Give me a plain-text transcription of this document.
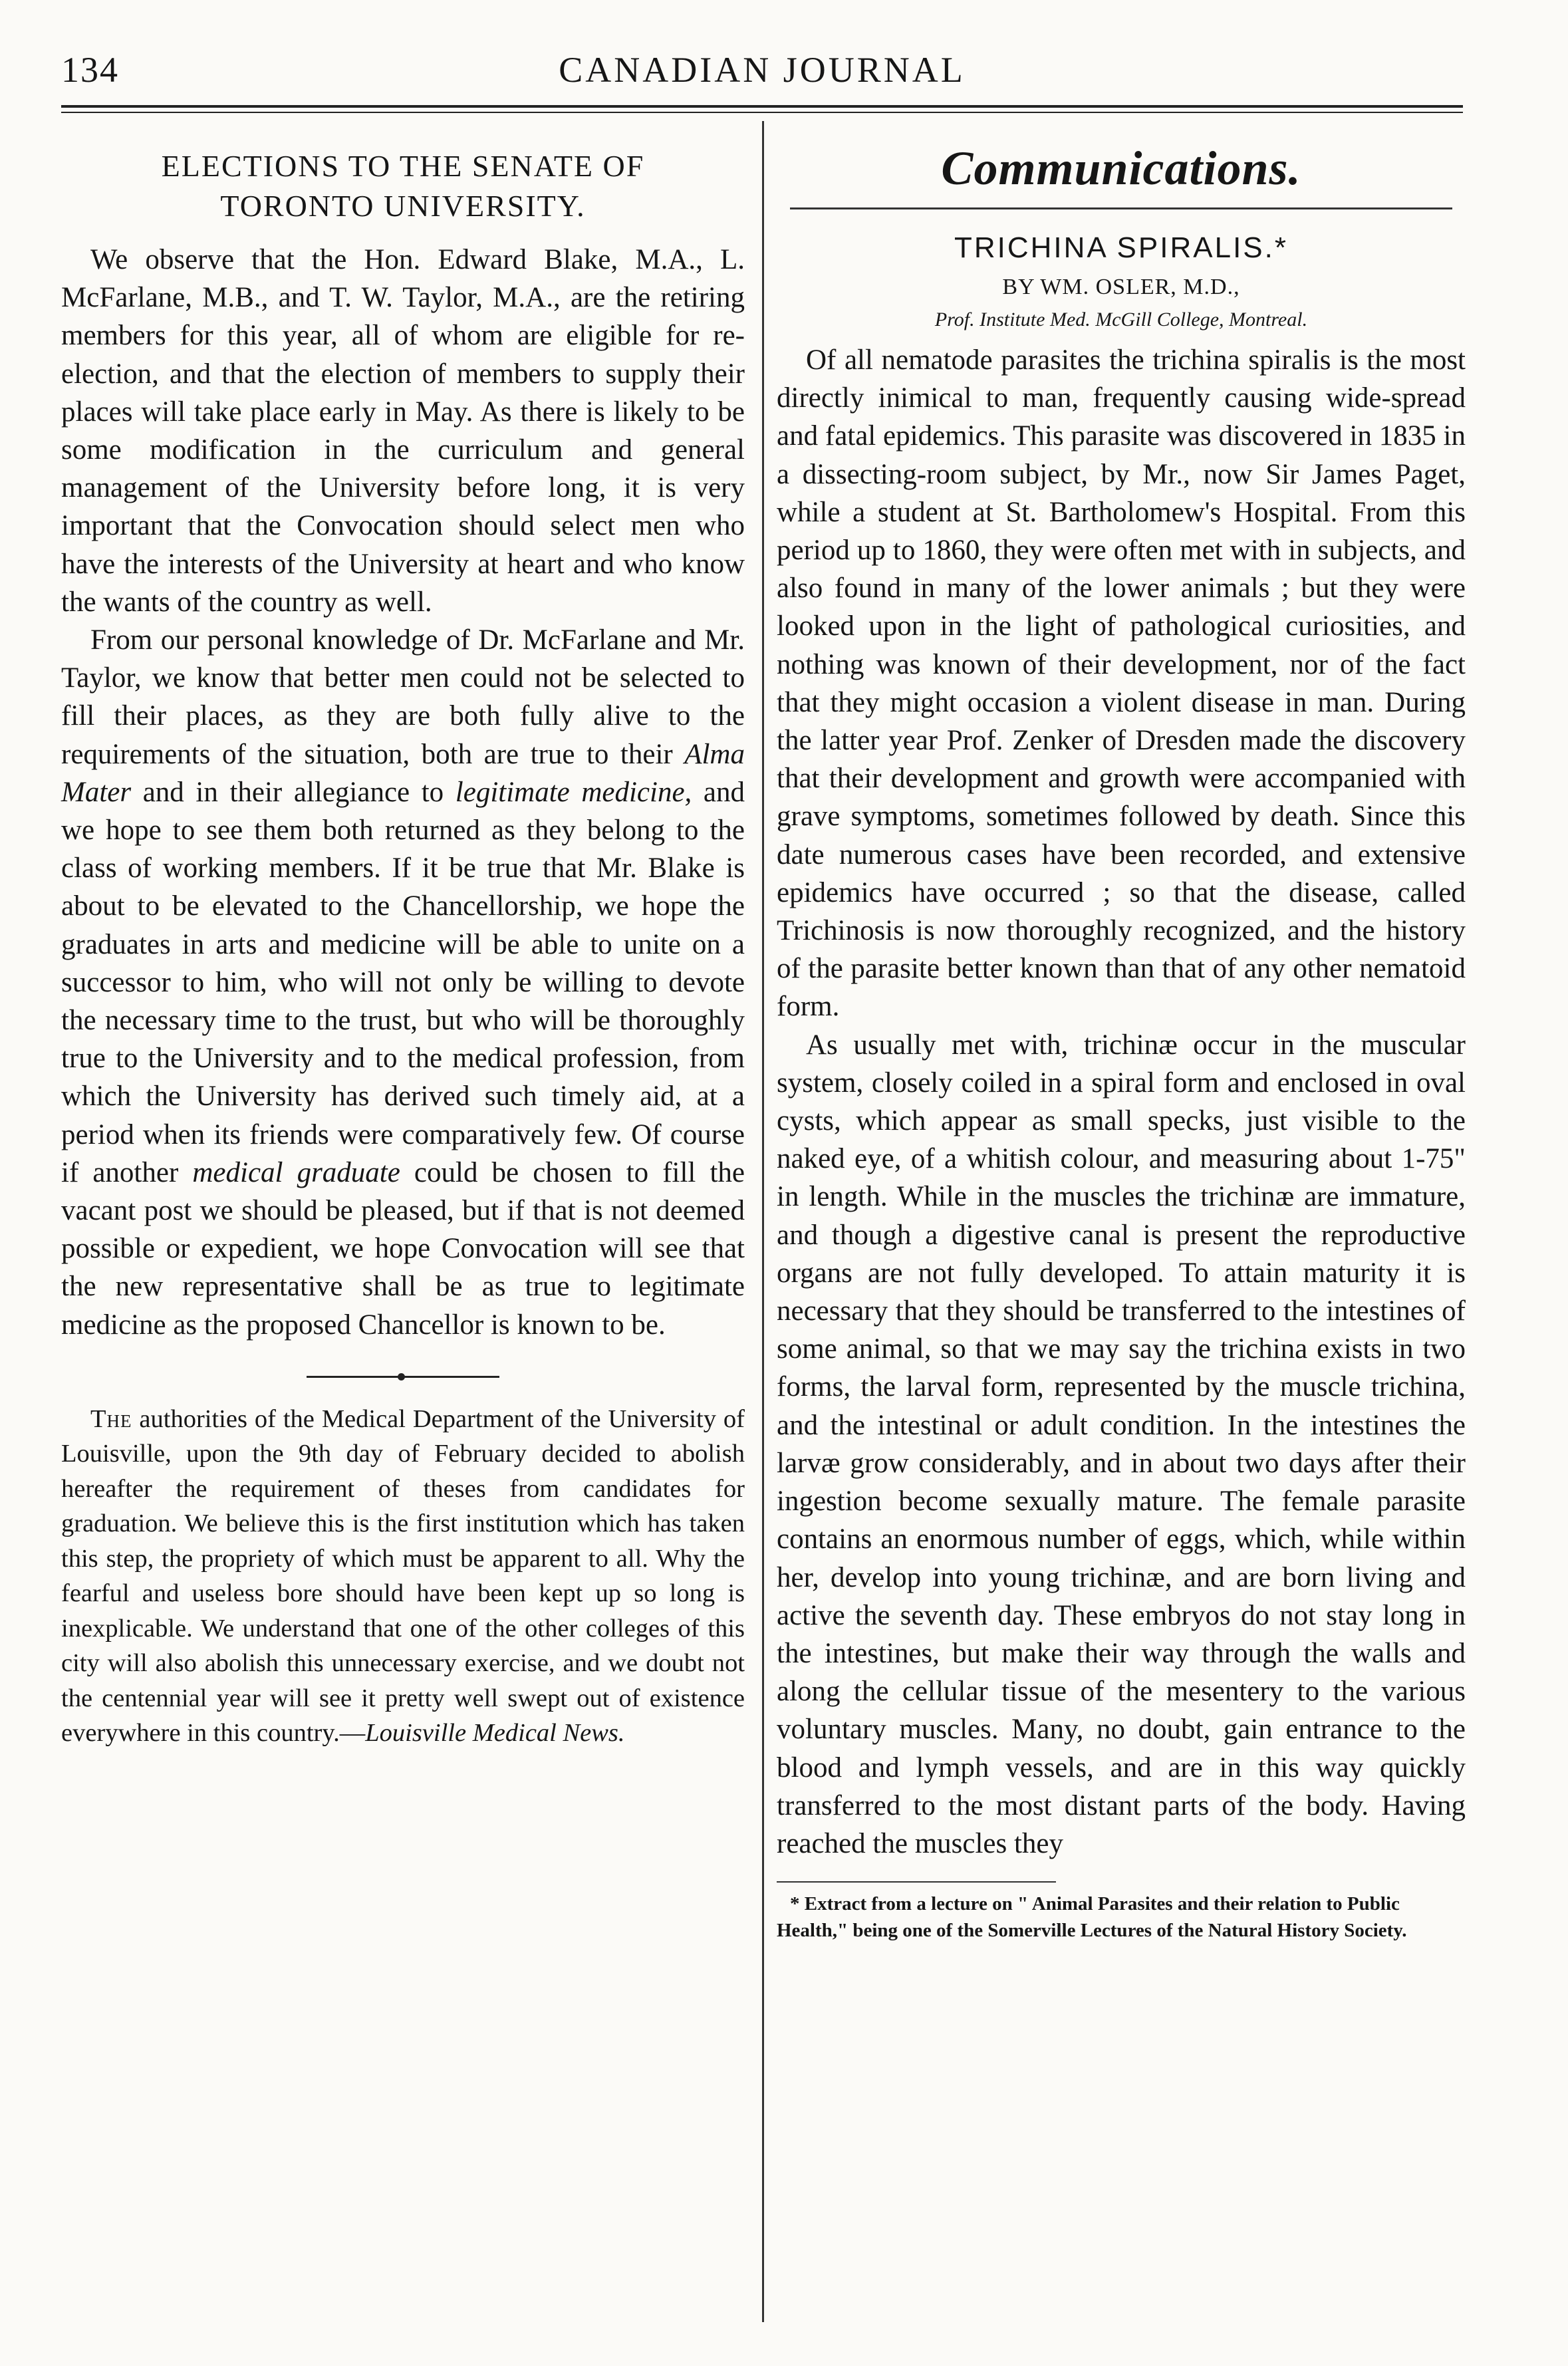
134	CANADIAN JOURNAL
ELECTIONS TO THE SENATE OF
TORONTO UNIVERSITY.

We observe that the Hon. Edward Blake, M.A., L. McFarlane, M.B., and T. W. Taylor, M.A., are the retiring members for this year, all of whom are eligible for re-election, and that the election of members to supply their places will take place early in May. As there is likely to be some modification in the curriculum and general management of the University before long, it is very important that the Convocation should select men who have the interests of the University at heart and who know the wants of the country as well.

From our personal knowledge of Dr. McFarlane and Mr. Taylor, we know that better men could not be selected to fill their places, as they are both fully alive to the requirements of the situation, both are true to their Alma Mater and in their allegiance to legitimate medicine, and we hope to see them both returned as they belong to the class of working members. If it be true that Mr. Blake is about to be elevated to the Chancellorship, we hope the graduates in arts and medicine will be able to unite on a successor to him, who will not only be willing to devote the necessary time to the trust, but who will be thoroughly true to the University and to the medical profession, from which the University has derived such timely aid, at a period when its friends were comparatively few. Of course if another medical graduate could be chosen to fill the vacant post we should be pleased, but if that is not deemed possible or expedient, we hope Convocation will see that the new representative shall be as true to legitimate medicine as the proposed Chancellor is known to be.

The authorities of the Medical Department of the University of Louisville, upon the 9th day of February decided to abolish hereafter the requirement of theses from candidates for graduation. We believe this is the first institution which has taken this step, the propriety of which must be apparent to all. Why the fearful and useless bore should have been kept up so long is inexplicable. We understand that one of the other colleges of this city will also abolish this unnecessary exercise, and we doubt not the centennial year will see it pretty well swept out of existence everywhere in this country.—Louisville Medical News.

Communications.
TRICHINA SPIRALIS.*

BY WM. OSLER, M.D.,

Prof. Institute Med. McGill College, Montreal.

Of all nematode parasites the trichina spiralis is the most directly inimical to man, frequently causing wide-spread and fatal epidemics. This parasite was discovered in 1835 in a dissecting-room subject, by Mr., now Sir James Paget, while a student at St. Bartholomew's Hospital. From this period up to 1860, they were often met with in subjects, and also found in many of the lower animals ; but they were looked upon in the light of pathological curiosities, and nothing was known of their development, nor of the fact that they might occasion a violent disease in man. During the latter year Prof. Zenker of Dresden made the discovery that their development and growth were accompanied with grave symptoms, sometimes followed by death. Since this date numerous cases have been recorded, and extensive epidemics have occurred ; so that the disease, called Trichinosis is now thoroughly recognized, and the history of the parasite better known than that of any other nematoid form.

As usually met with, trichinæ occur in the muscular system, closely coiled in a spiral form and enclosed in oval cysts, which appear as small specks, just visible to the naked eye, of a whitish colour, and measuring about 1-75" in length. While in the muscles the trichinæ are immature, and though a digestive canal is present the reproductive organs are not fully developed. To attain maturity it is necessary that they should be transferred to the intestines of some animal, so that we may say the trichina exists in two forms, the larval form, represented by the muscle trichina, and the intestinal or adult condition. In the intestines the larvæ grow considerably, and in about two days after their ingestion become sexually mature. The female parasite contains an enormous number of eggs, which, while within her, develop into young trichinæ, and are born living and active the seventh day. These embryos do not stay long in the intestines, but make their way through the walls and along the cellular tissue of the mesentery to the various voluntary muscles. Many, no doubt, gain entrance to the blood and lymph vessels, and are in this way quickly transferred to the most distant parts of the body. Having reached the muscles they

* Extract from a lecture on " Animal Parasites and their relation to Public Health," being one of the Somerville Lectures of the Natural History Society.
